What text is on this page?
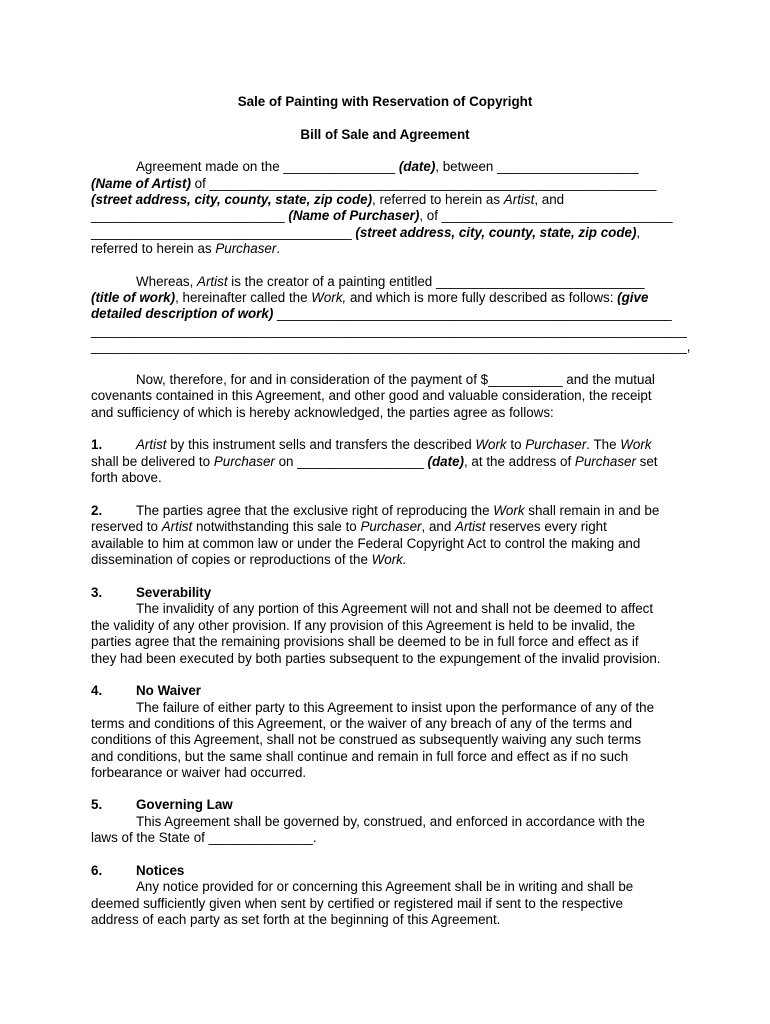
Sale of Painting with Reservation of Copyright
Bill of Sale and Agreement
Agreement made on the _______________ (date), between ___________________
(Name of Artist) of ____________________________________________________________
(street address, city, county, state, zip code), referred to herein as Artist, and
__________________________ (Name of Purchaser), of _______________________________
___________________________________ (street address, city, county, state, zip code),
referred to herein as Purchaser.
Whereas, Artist is the creator of a painting entitled ____________________________
(title of work), hereinafter called the Work, and which is more fully described as follows: (give
detailed description of work) _____________________________________________________
________________________________________________________________________________
________________________________________________________________________________,
Now, therefore, for and in consideration of the payment of $__________ and the mutual
covenants contained in this Agreement, and other good and valuable consideration, the receipt
and sufficiency of which is hereby acknowledged, the parties agree as follows:
1.	Artist by this instrument sells and transfers the described Work to Purchaser. The Work
shall be delivered to Purchaser on _________________ (date), at the address of Purchaser set
forth above.
2.	The parties agree that the exclusive right of reproducing the Work shall remain in and be
reserved to Artist notwithstanding this sale to Purchaser, and Artist reserves every right
available to him at common law or under the Federal Copyright Act to control the making and
dissemination of copies or reproductions of the Work.
3.	Severability
The invalidity of any portion of this Agreement will not and shall not be deemed to affect
the validity of any other provision. If any provision of this Agreement is held to be invalid, the
parties agree that the remaining provisions shall be deemed to be in full force and effect as if
they had been executed by both parties subsequent to the expungement of the invalid provision.
4.	No Waiver
The failure of either party to this Agreement to insist upon the performance of any of the
terms and conditions of this Agreement, or the waiver of any breach of any of the terms and
conditions of this Agreement, shall not be construed as subsequently waiving any such terms
and conditions, but the same shall continue and remain in full force and effect as if no such
forbearance or waiver had occurred.
5.	Governing Law
This Agreement shall be governed by, construed, and enforced in accordance with the
laws of the State of ______________.
6.	Notices
Any notice provided for or concerning this Agreement shall be in writing and shall be
deemed sufficiently given when sent by certified or registered mail if sent to the respective
address of each party as set forth at the beginning of this Agreement.
